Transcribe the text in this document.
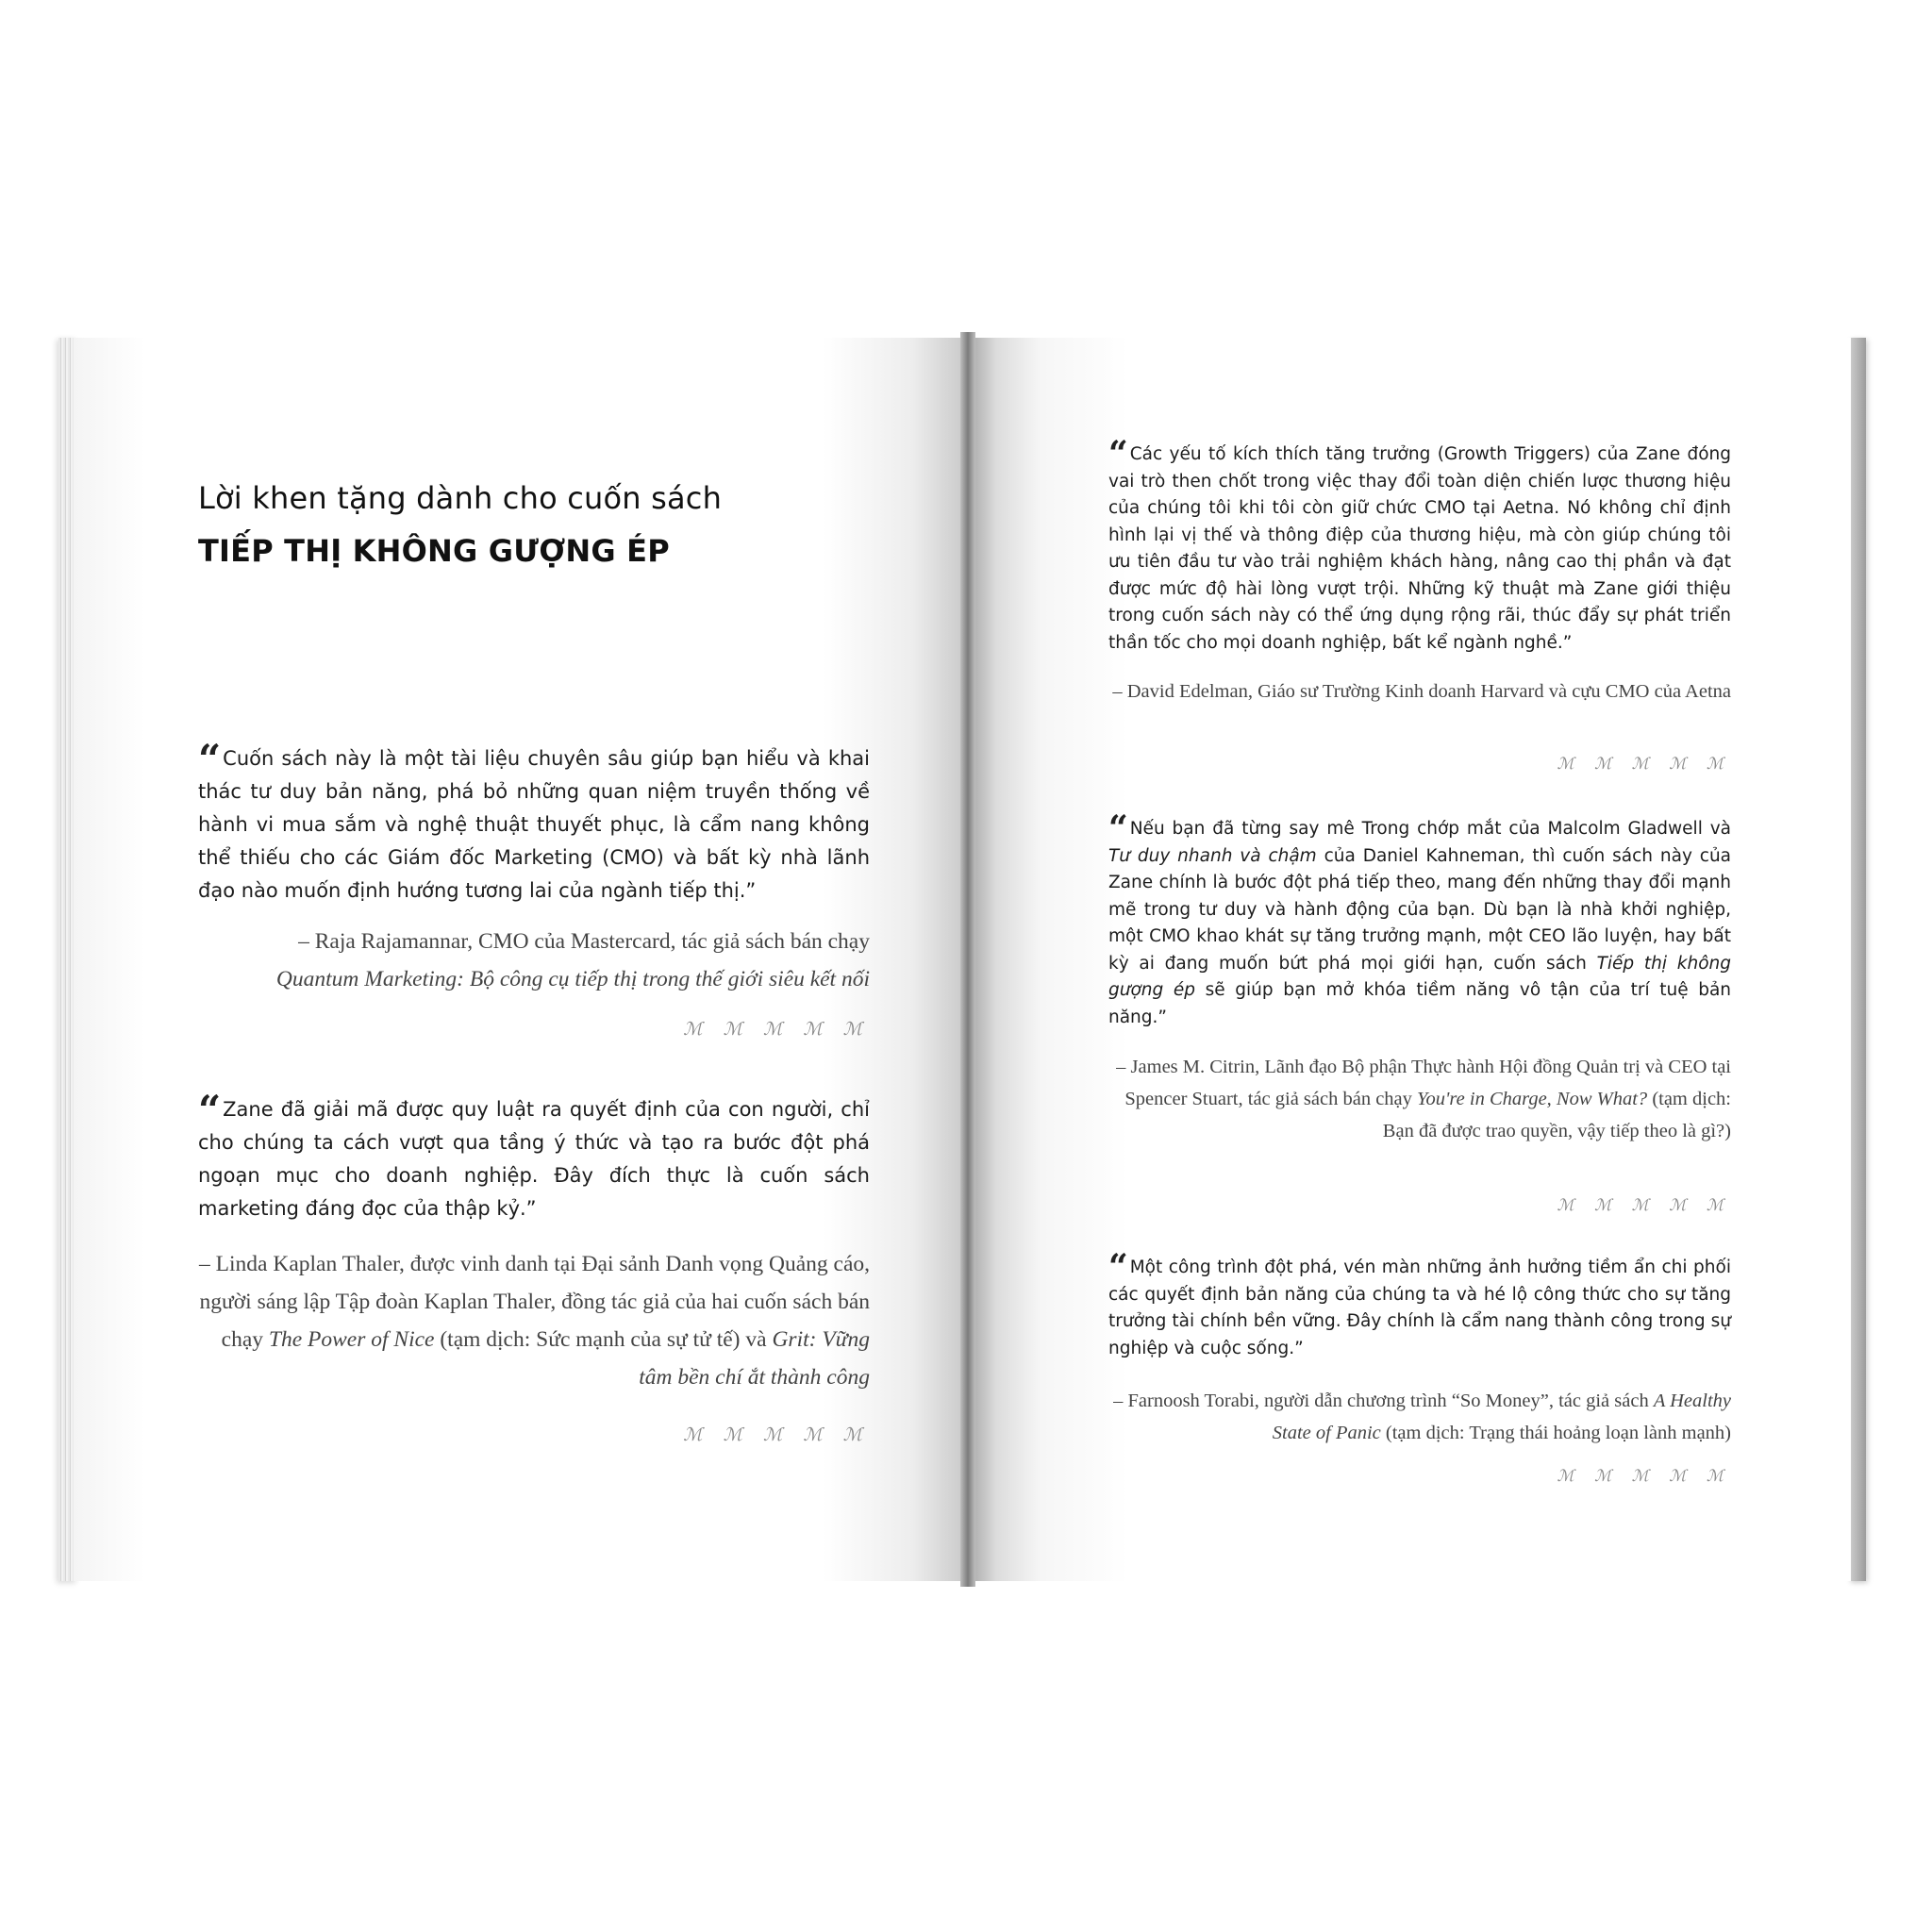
Lời khen tặng dành cho cuốn sách
TIẾP THỊ KHÔNG GƯỢNG ÉP

“Cuốn sách này là một tài liệu chuyên sâu giúp bạn hiểu và khai thác tư duy bản năng, phá bỏ những quan niệm truyền thống về hành vi mua sắm và nghệ thuật thuyết phục, là cẩm nang không thể thiếu cho các Giám đốc Marketing (CMO) và bất kỳ nhà lãnh đạo nào muốn định hướng tương lai của ngành tiếp thị.”

– Raja Rajamannar, CMO của Mastercard, tác giả sách bán chạy
Quantum Marketing: Bộ công cụ tiếp thị trong thế giới siêu kết nối

ℳ ℳ ℳ ℳ ℳ

“Zane đã giải mã được quy luật ra quyết định của con người, chỉ cho chúng ta cách vượt qua tầng ý thức và tạo ra bước đột phá ngoạn mục cho doanh nghiệp. Đây đích thực là cuốn sách marketing đáng đọc của thập kỷ.”

– Linda Kaplan Thaler, được vinh danh tại Đại sảnh Danh vọng Quảng cáo, người sáng lập Tập đoàn Kaplan Thaler, đồng tác giả của hai cuốn sách bán chạy The Power of Nice (tạm dịch: Sức mạnh của sự tử tế) và Grit: Vững tâm bền chí ắt thành công

ℳ ℳ ℳ ℳ ℳ

“ Các yếu tố kích thích tăng trưởng (Growth Triggers) của Zane đóng vai trò then chốt trong việc thay đổi toàn diện chiến lược thương hiệu của chúng tôi khi tôi còn giữ chức CMO tại Aetna. Nó không chỉ định hình lại vị thế và thông điệp của thương hiệu, mà còn giúp chúng tôi ưu tiên đầu tư vào trải nghiệm khách hàng, nâng cao thị phần và đạt được mức độ hài lòng vượt trội. Những kỹ thuật mà Zane giới thiệu trong cuốn sách này có thể ứng dụng rộng rãi, thúc đẩy sự phát triển thần tốc cho mọi doanh nghiệp, bất kể ngành nghề.”

– David Edelman, Giáo sư Trường Kinh doanh Harvard và cựu CMO của Aetna

ℳ ℳ ℳ ℳ ℳ

“ Nếu bạn đã từng say mê Trong chớp mắt của Malcolm Gladwell và Tư duy nhanh và chậm của Daniel Kahneman, thì cuốn sách này của Zane chính là bước đột phá tiếp theo, mang đến những thay đổi mạnh mẽ trong tư duy và hành động của bạn. Dù bạn là nhà khởi nghiệp, một CMO khao khát sự tăng trưởng mạnh, một CEO lão luyện, hay bất kỳ ai đang muốn bứt phá mọi giới hạn, cuốn sách Tiếp thị không gượng ép sẽ giúp bạn mở khóa tiềm năng vô tận của trí tuệ bản năng.”

– James M. Citrin, Lãnh đạo Bộ phận Thực hành Hội đồng Quản trị và CEO tại Spencer Stuart, tác giả sách bán chạy You're in Charge, Now What? (tạm dịch: Bạn đã được trao quyền, vậy tiếp theo là gì?)

ℳ ℳ ℳ ℳ ℳ

“ Một công trình đột phá, vén màn những ảnh hưởng tiềm ẩn chi phối các quyết định bản năng của chúng ta và hé lộ công thức cho sự tăng trưởng tài chính bền vững. Đây chính là cẩm nang thành công trong sự nghiệp và cuộc sống.”

– Farnoosh Torabi, người dẫn chương trình “So Money”, tác giả sách A Healthy State of Panic (tạm dịch: Trạng thái hoảng loạn lành mạnh)

ℳ ℳ ℳ ℳ ℳ
